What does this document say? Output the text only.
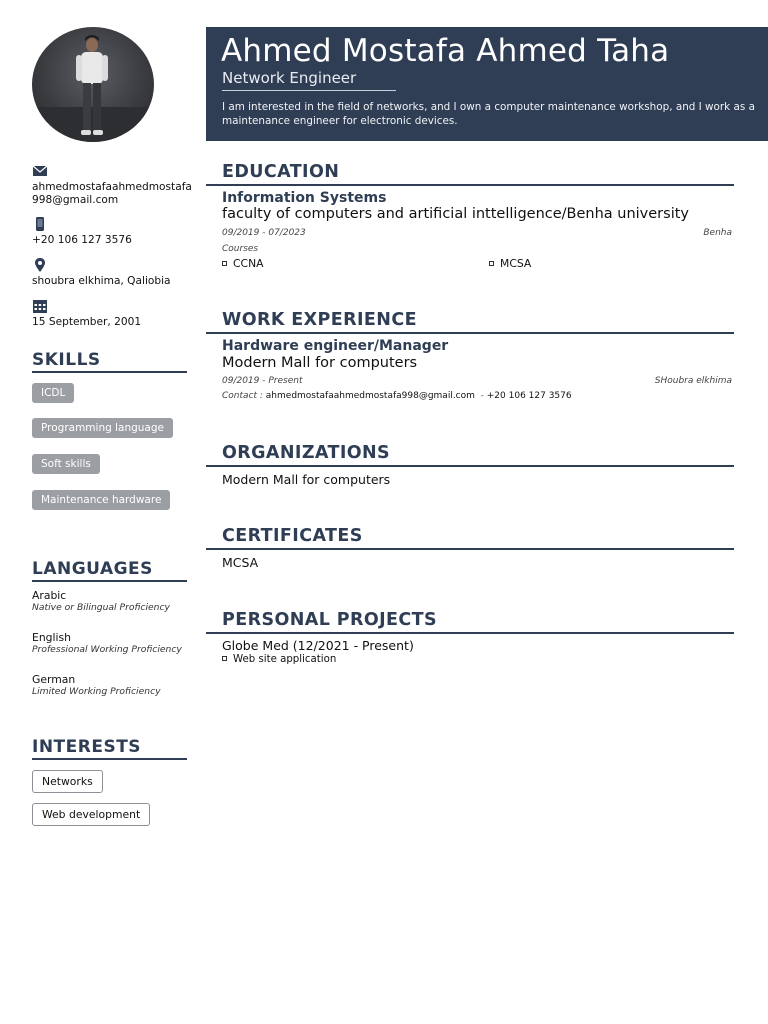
Ahmed Mostafa Ahmed Taha
Network Engineer
I am interested in the field of networks, and I own a computer maintenance workshop, and I work as a maintenance engineer for electronic devices.
ahmedmostafaahmedmostafa998@gmail.com
+20 106 127 3576
shoubra elkhima, Qaliobia
15 September, 2001
SKILLS
ICDL
Programming language
Soft skills
Maintenance hardware
LANGUAGES
Arabic
Native or Bilingual Proficiency
English
Professional Working Proficiency
German
Limited Working Proficiency
INTERESTS
Networks
Web development
EDUCATION
Information Systems
faculty of computers and artificial inttelligence/Benha university
09/2019 - 07/2023	Benha
Courses
CCNA	MCSA
WORK EXPERIENCE
Hardware engineer/Manager
Modern Mall for computers
09/2019 - Present	SHoubra elkhima
Contact : ahmedmostafaahmedmostafa998@gmail.com - +20 106 127 3576
ORGANIZATIONS
Modern Mall for computers
CERTIFICATES
MCSA
PERSONAL PROJECTS
Globe Med (12/2021 - Present)
Web site application
